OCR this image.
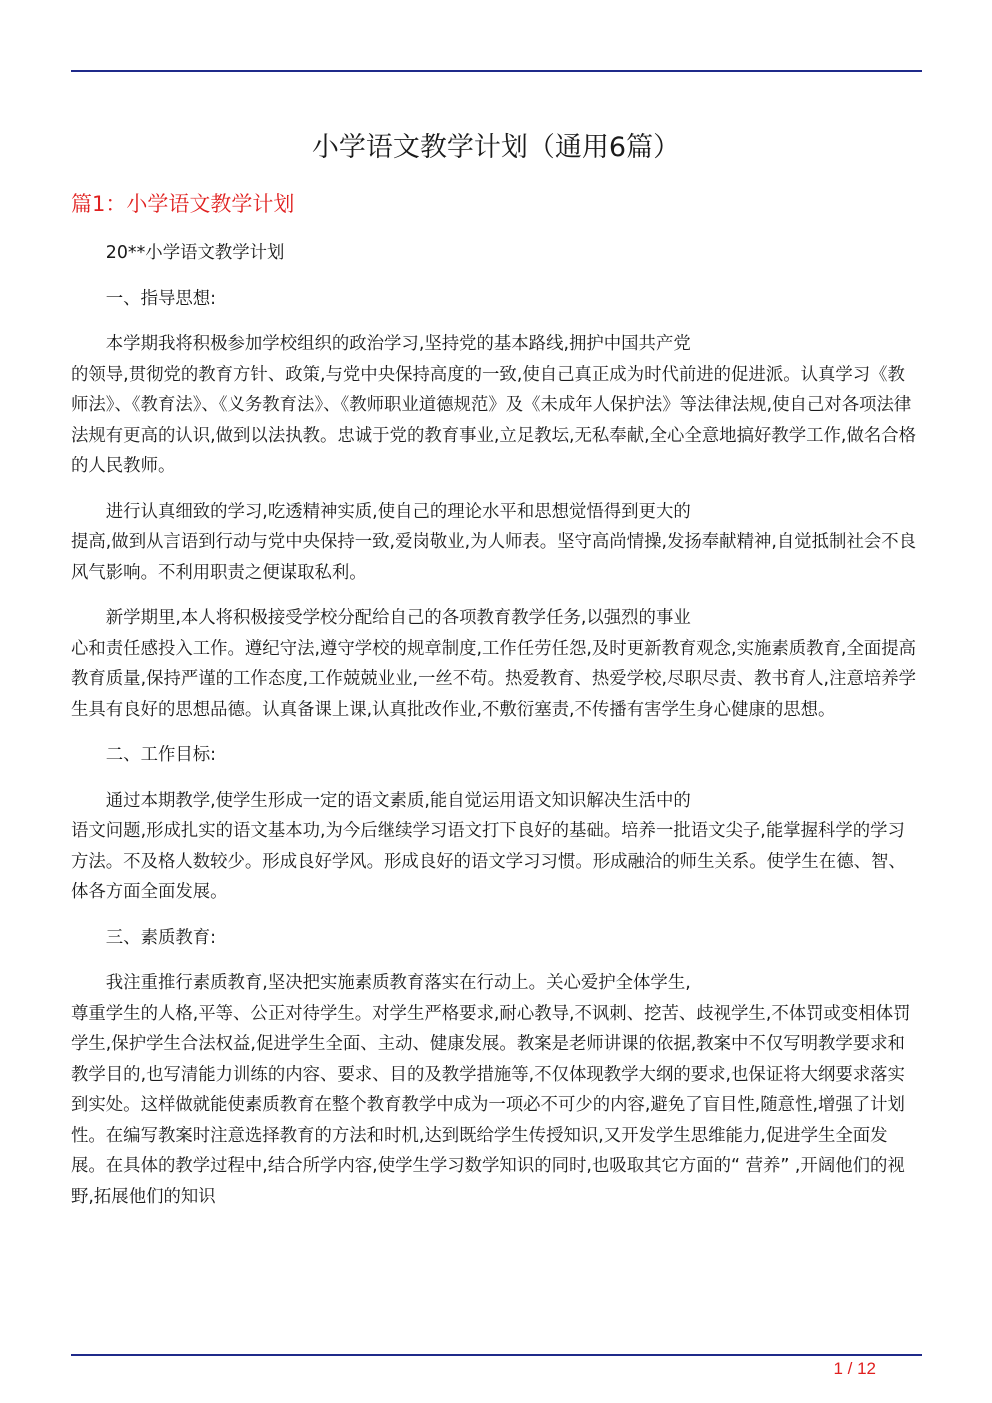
小学语文教学计划（通用6篇）
篇1：小学语文教学计划

　　20**小学语文教学计划

　　一、指导思想:

　　本学期我将积极参加学校组织的政治学习,坚持党的基本路线,拥护中国共产党
的领导,贯彻党的教育方针、政策,与党中央保持高度的一致,使自己真正成为时代前进的促进派。认真学习《教师法》、《教育法》、《义务教育法》、《教师职业道德规范》及《未成年人保护法》等法律法规,使自己对各项法律法规有更高的认识,做到以法执教。忠诚于党的教育事业,立足教坛,无私奉献,全心全意地搞好教学工作,做名合格的人民教师。

　　进行认真细致的学习,吃透精神实质,使自己的理论水平和思想觉悟得到更大的
提高,做到从言语到行动与党中央保持一致,爱岗敬业,为人师表。坚守高尚情操,发扬奉献精神,自觉抵制社会不良风气影响。不利用职责之便谋取私利。

　　新学期里,本人将积极接受学校分配给自己的各项教育教学任务,以强烈的事业
心和责任感投入工作。遵纪守法,遵守学校的规章制度,工作任劳任怨,及时更新教育观念,实施素质教育,全面提高教育质量,保持严谨的工作态度,工作兢兢业业,一丝不苟。热爱教育、热爱学校,尽职尽责、教书育人,注意培养学生具有良好的思想品德。认真备课上课,认真批改作业,不敷衍塞责,不传播有害学生身心健康的思想。

　　二、工作目标:

　　通过本期教学,使学生形成一定的语文素质,能自觉运用语文知识解决生活中的
语文问题,形成扎实的语文基本功,为今后继续学习语文打下良好的基础。培养一批语文尖子,能掌握科学的学习方法。不及格人数较少。形成良好学风。形成良好的语文学习习惯。形成融洽的师生关系。使学生在德、智、体各方面全面发展。

　　三、素质教育:

　　我注重推行素质教育,坚决把实施素质教育落实在行动上。关心爱护全体学生,
尊重学生的人格,平等、公正对待学生。对学生严格要求,耐心教导,不讽刺、挖苦、歧视学生,不体罚或变相体罚学生,保护学生合法权益,促进学生全面、主动、健康发展。教案是老师讲课的依据,教案中不仅写明教学要求和教学目的,也写清能力训练的内容、要求、目的及教学措施等,不仅体现教学大纲的要求,也保证将大纲要求落实到实处。这样做就能使素质教育在整个教育教学中成为一项必不可少的内容,避免了盲目性,随意性,增强了计划性。在编写教案时注意选择教育的方法和时机,达到既给学生传授知识,又开发学生思维能力,促进学生全面发展。在具体的教学过程中,结合所学内容,使学生学习数学知识的同时,也吸取其它方面的“ 营养” ,开阔他们的视野,拓展他们的知识

1 / 12
